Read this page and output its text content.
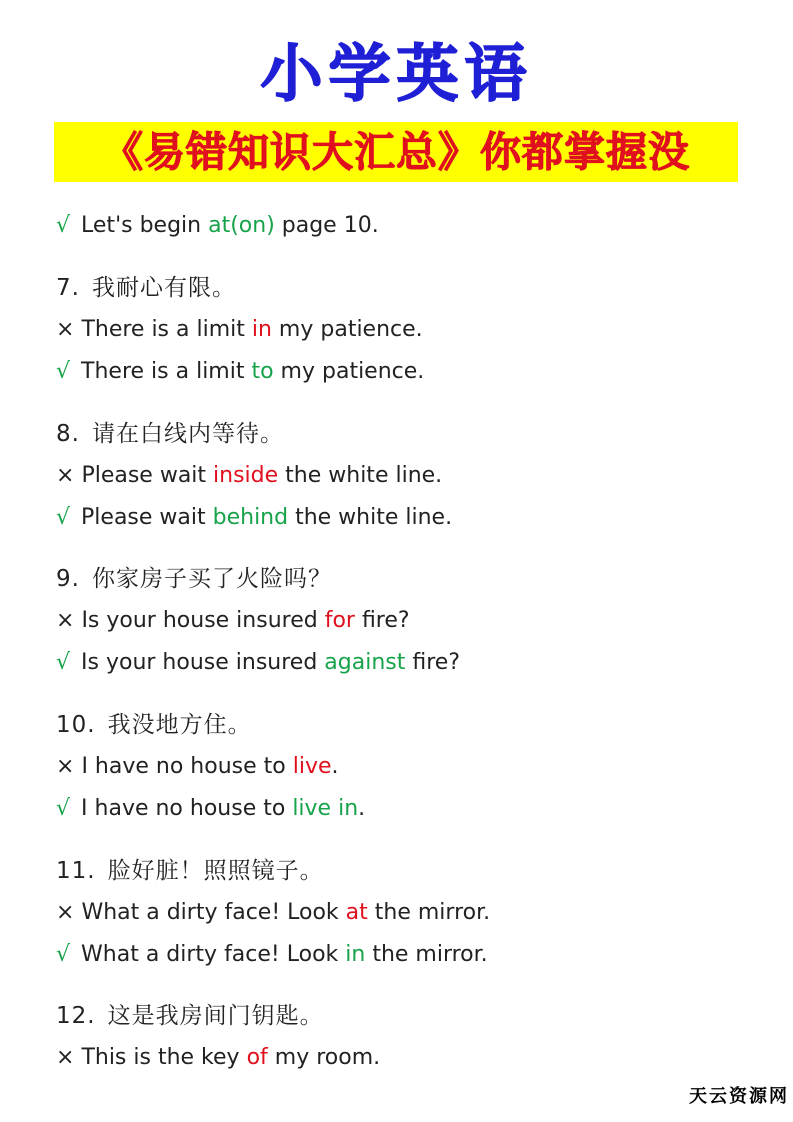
小学英语
《易错知识大汇总》你都掌握没
√ Let's begin at(on) page 10.
7. 我耐心有限。
× There is a limit in my patience.
√ There is a limit to my patience.
8. 请在白线内等待。
× Please wait inside the white line.
√ Please wait behind the white line.
9. 你家房子买了火险吗？
× Is your house insured for fire?
√ Is your house insured against fire?
10. 我没地方住。
× I have no house to live.
√ I have no house to live in.
11. 脸好脏！照照镜子。
× What a dirty face! Look at the mirror.
√ What a dirty face! Look in the mirror.
12. 这是我房间门钥匙。
× This is the key of my room.
天云资源网
